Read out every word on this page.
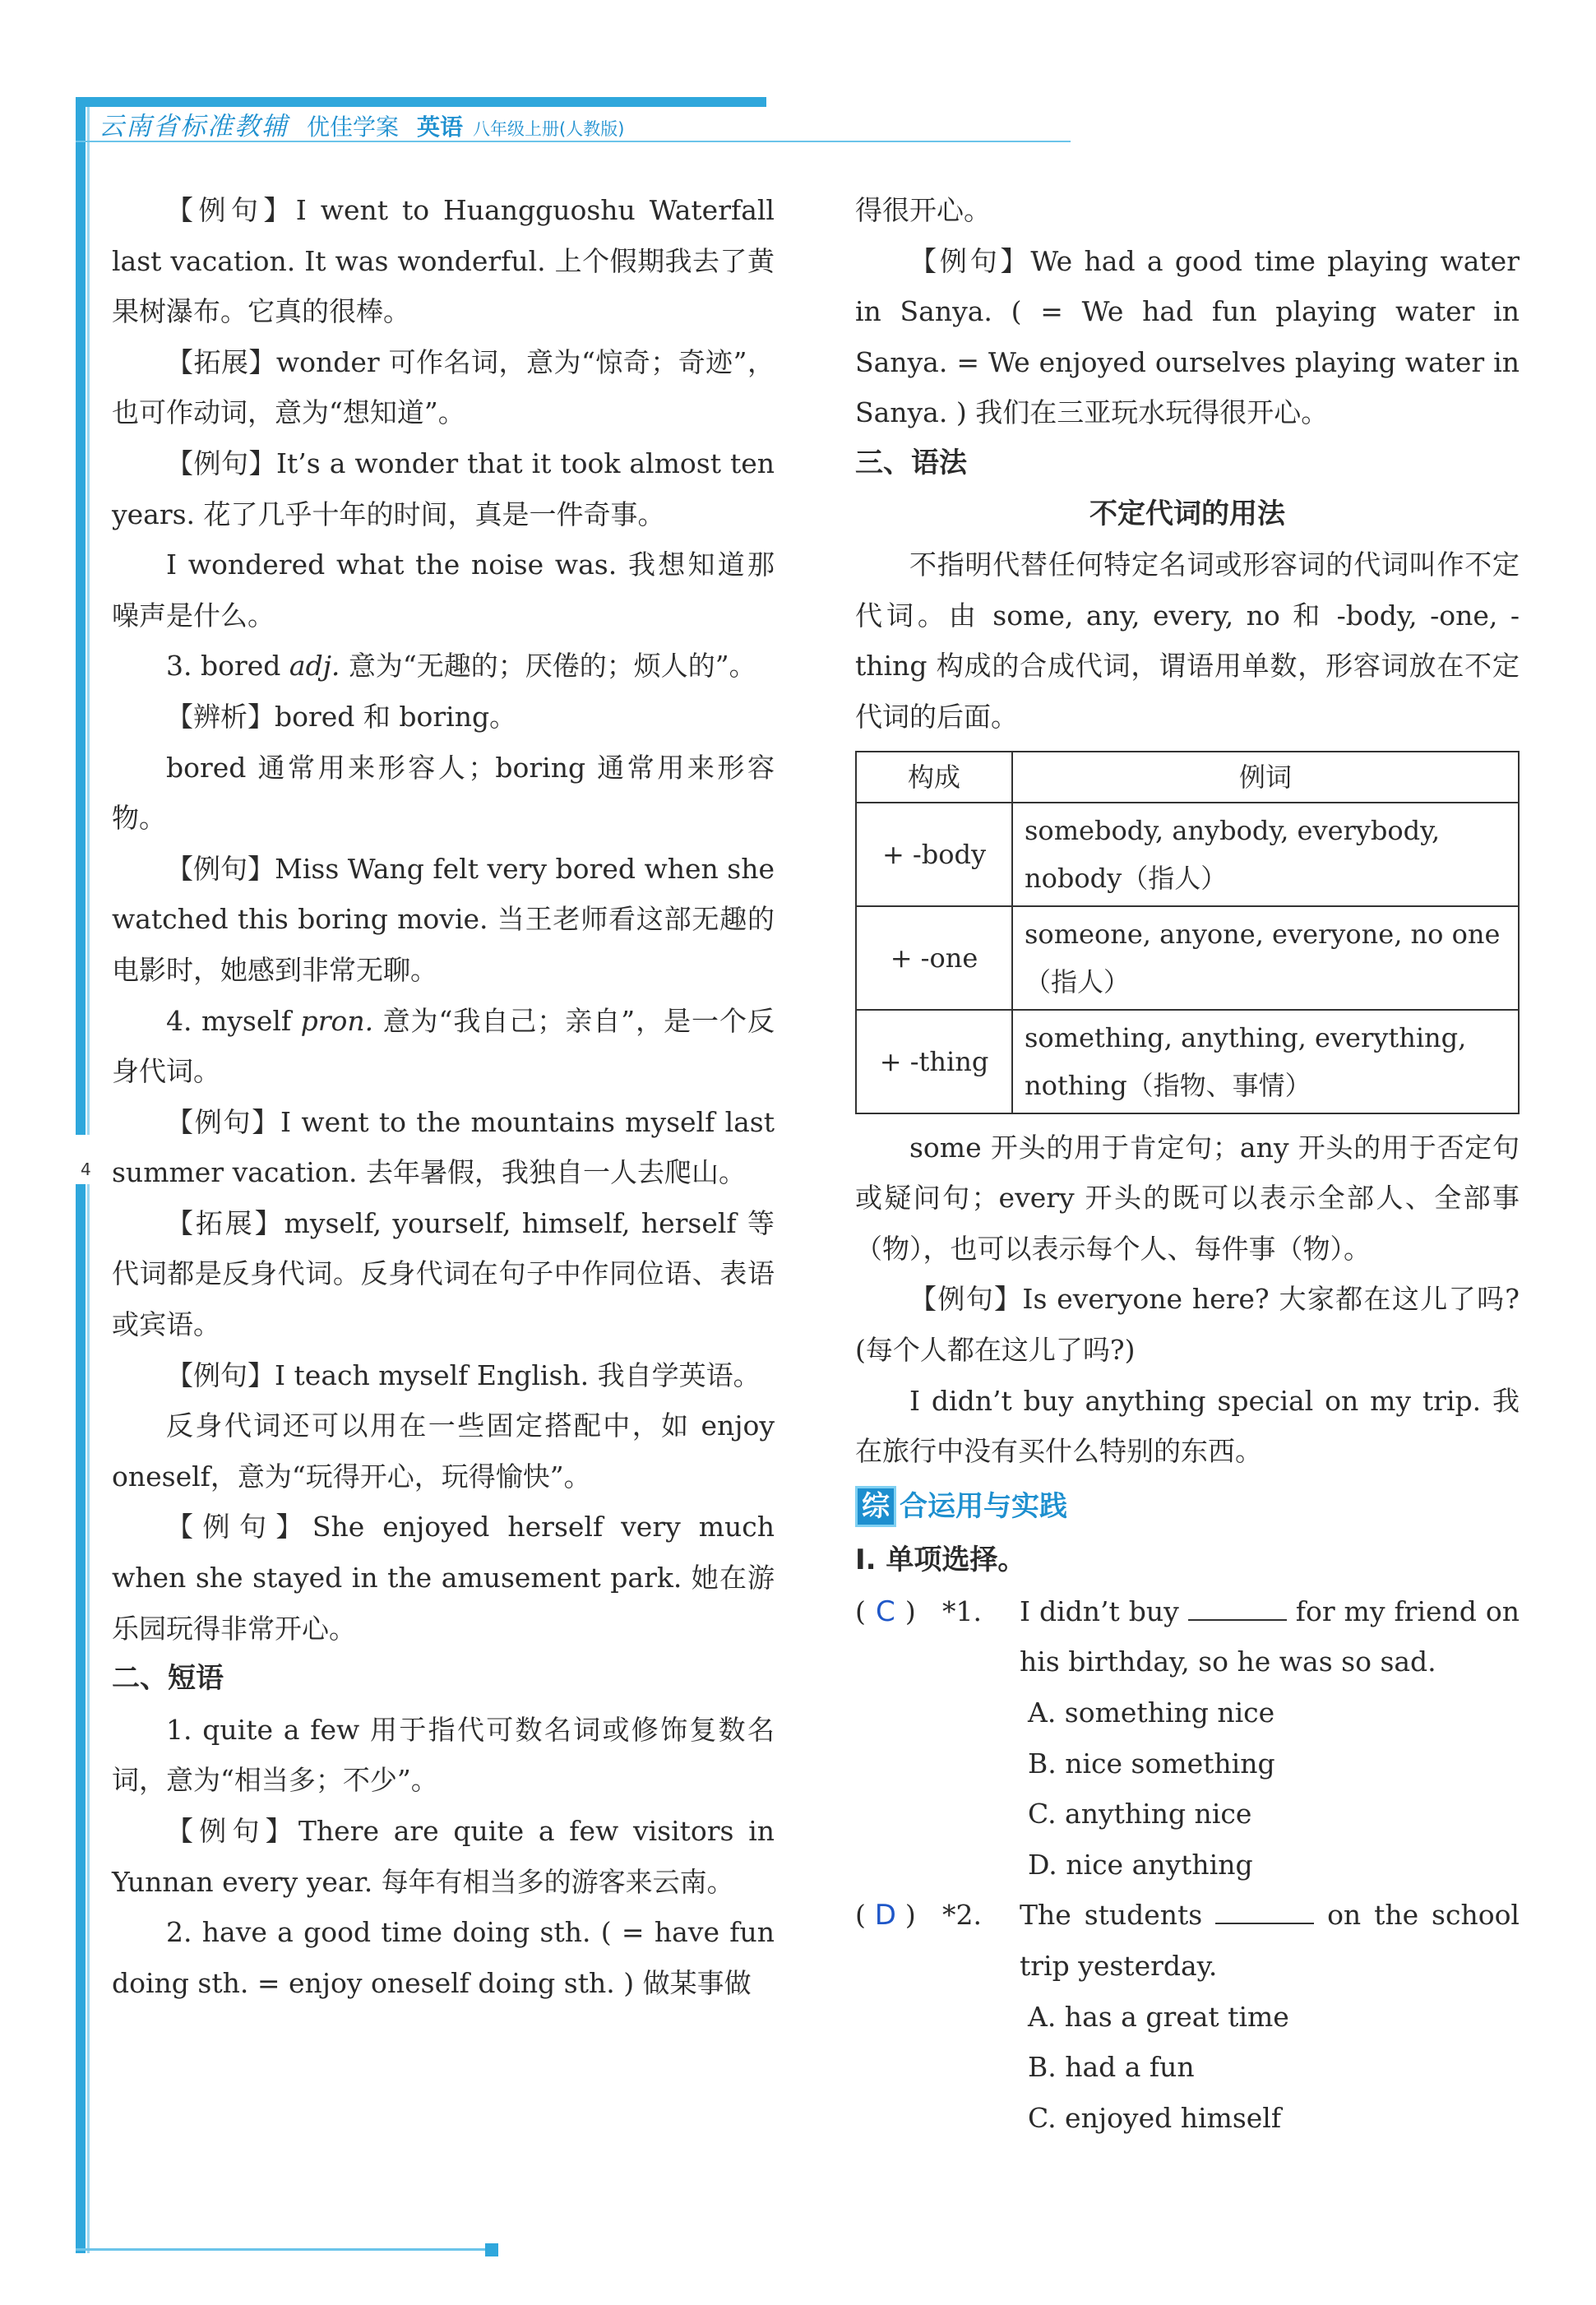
4
云南省标准教辅 优佳学案 英语 八年级上册(人教版)

【例句】I went to Huangguoshu Waterfall last vacation. It was wonderful. 上个假期我去了黄果树瀑布。它真的很棒。

【拓展】wonder 可作名词，意为“惊奇；奇迹”，也可作动词，意为“想知道”。

【例句】It’s a wonder that it took almost ten years. 花了几乎十年的时间，真是一件奇事。

I wondered what the noise was. 我想知道那噪声是什么。

3. bored adj. 意为“无趣的；厌倦的；烦人的”。

【辨析】bored 和 boring。

bored 通常用来形容人；boring 通常用来形容物。

【例句】Miss Wang felt very bored when she watched this boring movie. 当王老师看这部无趣的电影时，她感到非常无聊。

4. myself pron. 意为“我自己；亲自”，是一个反身代词。

【例句】I went to the mountains myself last summer vacation. 去年暑假，我独自一人去爬山。

【拓展】myself, yourself, himself, herself 等代词都是反身代词。反身代词在句子中作同位语、表语或宾语。

【例句】I teach myself English. 我自学英语。

反身代词还可以用在一些固定搭配中，如 enjoy oneself，意为“玩得开心，玩得愉快”。

【例句】She enjoyed herself very much when she stayed in the amusement park. 她在游乐园玩得非常开心。

二、短语

1. quite a few 用于指代可数名词或修饰复数名词，意为“相当多；不少”。

【例句】There are quite a few visitors in Yunnan every year. 每年有相当多的游客来云南。

2. have a good time doing sth. ( = have fun doing sth. = enjoy oneself doing sth. ) 做某事做

得很开心。

【例句】We had a good time playing water in Sanya. ( = We had fun playing water in Sanya. = We enjoyed ourselves playing water in Sanya. ) 我们在三亚玩水玩得很开心。

三、语法

不定代词的用法

不指明代替任何特定名词或形容词的代词叫作不定代词。由 some, any, every, no 和 -body, -one, -thing 构成的合成代词，谓语用单数，形容词放在不定代词的后面。

构成	例词
+ -body	somebody, anybody, everybody, nobody（指人）
+ -one	someone, anyone, everyone, no one（指人）
+ -thing	something, anything, everything, nothing（指物、事情）

some 开头的用于肯定句；any 开头的用于否定句或疑问句；every 开头的既可以表示全部人、全部事（物），也可以表示每个人、每件事（物）。

【例句】Is everyone here? 大家都在这儿了吗?(每个人都在这儿了吗?)

I didn’t buy anything special on my trip. 我在旅行中没有买什么特别的东西。

综 合运用与实践

Ⅰ. 单项选择。

( C ) *1.	I didn’t buy	for my friend on his birthday, so he was so sad.

A. something nice

B. nice something

C. anything nice

D. nice anything

( D ) *2.	The students	on the school trip yesterday.

A. has a great time

B. had a fun

C. enjoyed himself
